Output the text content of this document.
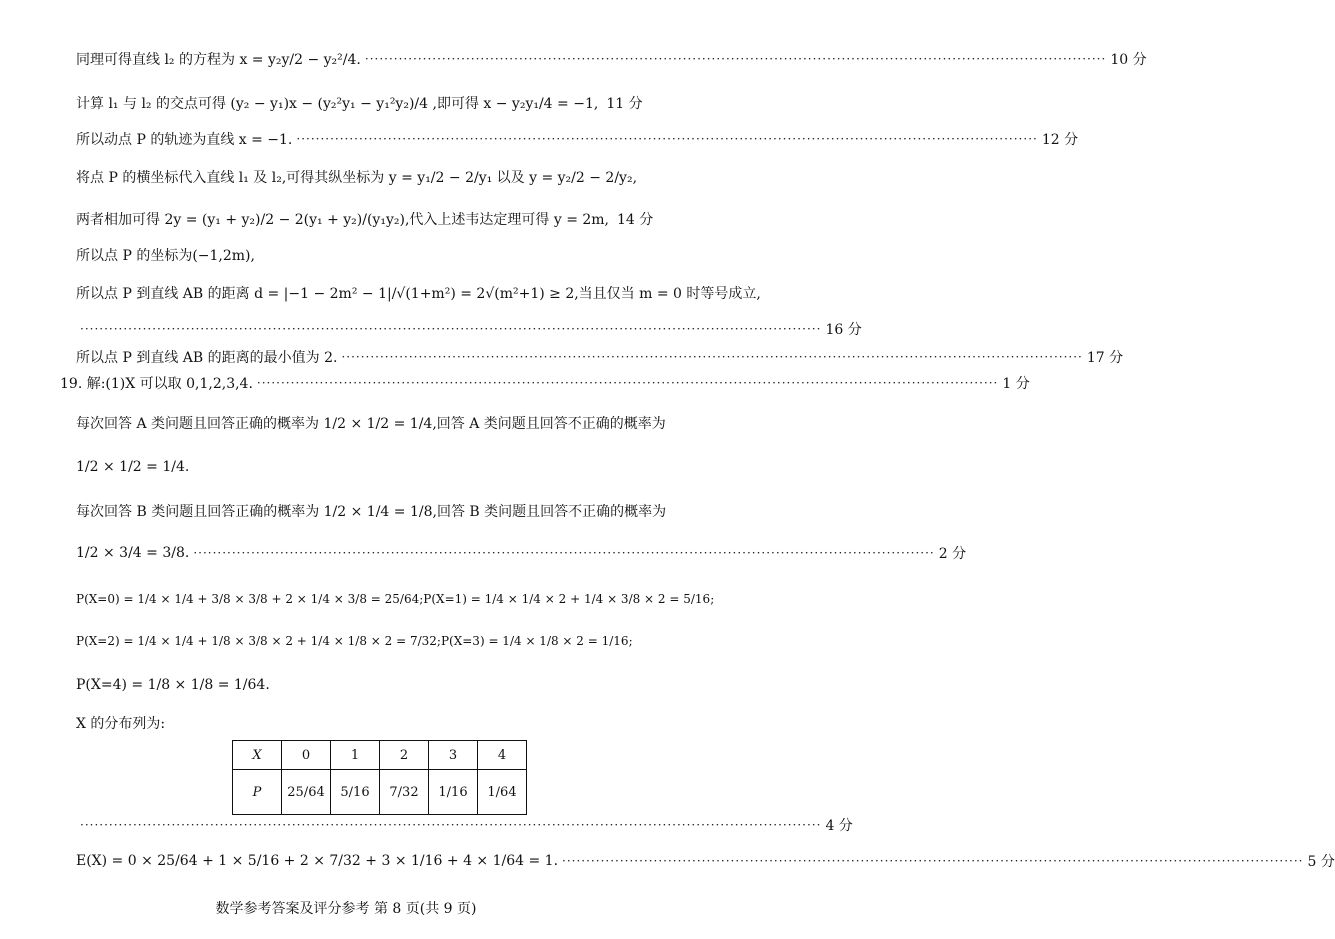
同理可得直线 l₂ 的方程为 x = y₂y/2 − y₂²/4. ·····	10 分
计算 l₁ 与 l₂ 的交点可得 (y₂ − y₁)x − (y₂²y₁ − y₁²y₂)/4 ,即可得 x − y₂y₁/4 = −1, 11 分
所以动点 P 的轨迹为直线 x = −1. ·····	12 分
将点 P 的横坐标代入直线 l₁ 及 l₂,可得其纵坐标为 y = y₁/2 − 2/y₁ 以及 y = y₂/2 − 2/y₂,
两者相加可得 2y = (y₁ + y₂)/2 − 2(y₁ + y₂)/(y₁y₂),代入上述韦达定理可得 y = 2m, 14 分
所以点 P 的坐标为(−1,2m),
所以点 P 到直线 AB 的距离 d = |−1 − 2m² − 1|/√(1+m²) = 2√(m²+1) ≥ 2,当且仅当 m = 0 时等号成立,
·····
16 分
所以点 P 到直线 AB 的距离的最小值为 2. ·····	17 分
19. 解:(1)X 可以取 0,1,2,3,4. ·····	1 分
每次回答 A 类问题且回答正确的概率为 1/2 × 1/2 = 1/4,回答 A 类问题且回答不正确的概率为
1/2 × 1/2 = 1/4.
每次回答 B 类问题且回答正确的概率为 1/2 × 1/4 = 1/8,回答 B 类问题且回答不正确的概率为
1/2 × 3/4 = 3/8. ·····	2 分
P(X=0) = 1/4 × 1/4 + 3/8 × 3/8 + 2 × 1/4 × 3/8 = 25/64;P(X=1) = 1/4 × 1/4 × 2 + 1/4 × 3/8 × 2 = 5/16;
P(X=2) = 1/4 × 1/4 + 1/8 × 3/8 × 2 + 1/4 × 1/8 × 2 = 7/32;P(X=3) = 1/4 × 1/8 × 2 = 1/16;
P(X=4) = 1/8 × 1/8 = 1/64.
X 的分布列为:
X	0	1	2	3	4
P	25/64	5/16	7/32	1/16	1/64
·····
4 分
E(X) = 0 × 25/64 + 1 × 5/16 + 2 × 7/32 + 3 × 1/16 + 4 × 1/64 = 1. ·····	5 分
数学参考答案及评分参考 第 8 页(共 9 页)
